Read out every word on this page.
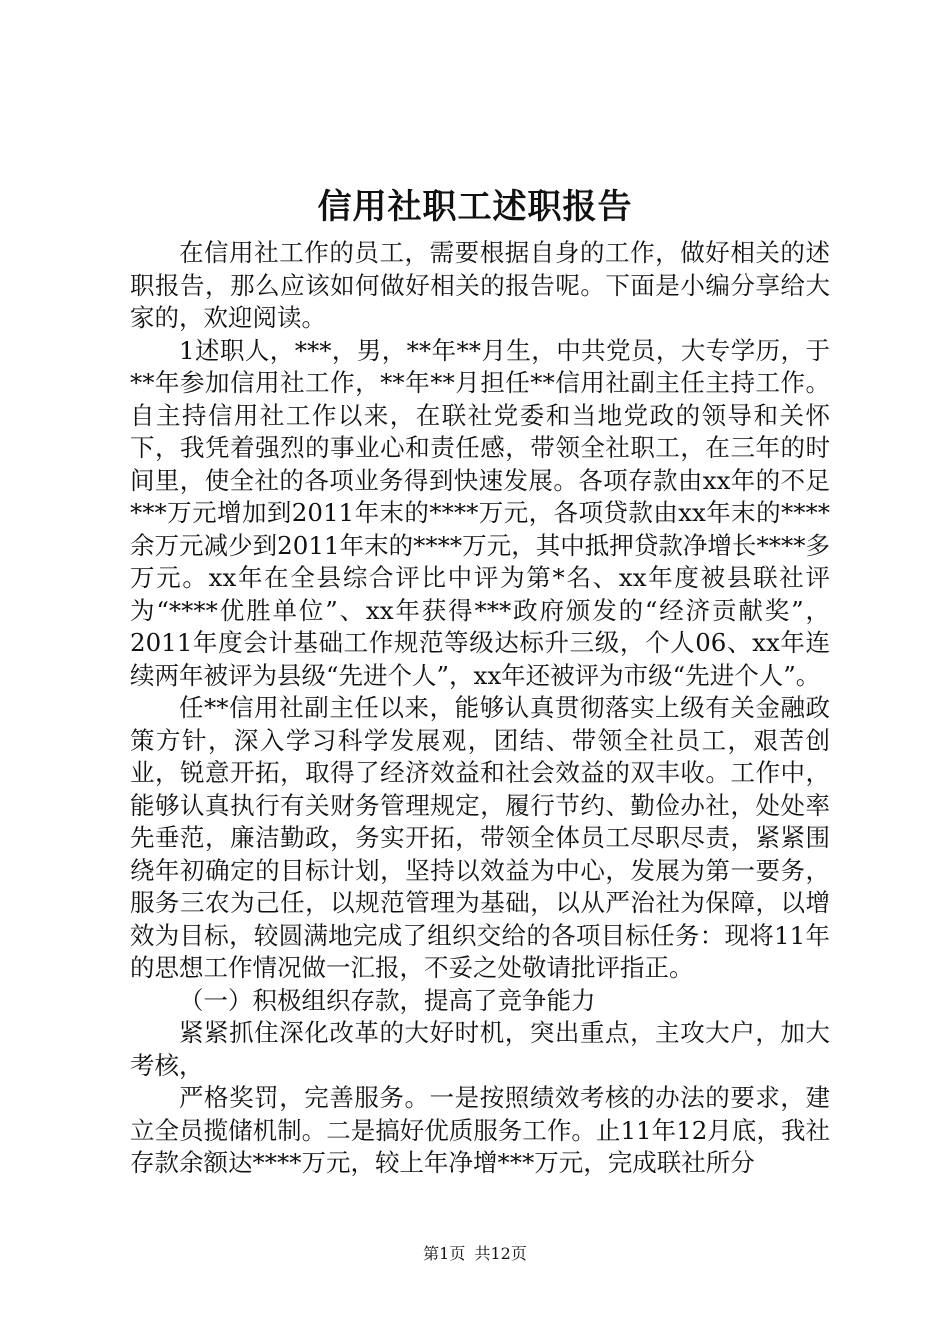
信用社职工述职报告

在信用社工作的员工，需要根据自身的工作，做好相关的述职报告，那么应该如何做好相关的报告呢。下面是小编分享给大家的，欢迎阅读。

1述职人，***，男，**年**月生，中共党员，大专学历，于**年参加信用社工作，**年**月担任**信用社副主任主持工作。自主持信用社工作以来，在联社党委和当地党政的领导和关怀下，我凭着强烈的事业心和责任感，带领全社职工，在三年的时间里，使全社的各项业务得到快速发展。各项存款由xx年的不足***万元增加到2011年末的****万元，各项贷款由xx年末的****余万元减少到2011年末的****万元，其中抵押贷款净增长****多万元。xx年在全县综合评比中评为第*名、xx年度被县联社评为“****优胜单位”、xx年获得***政府颁发的“经济贡献奖”，2011年度会计基础工作规范等级达标升三级，个人06、xx年连续两年被评为县级“先进个人”，xx年还被评为市级“先进个人”。

任**信用社副主任以来，能够认真贯彻落实上级有关金融政策方针，深入学习科学发展观，团结、带领全社员工，艰苦创业，锐意开拓，取得了经济效益和社会效益的双丰收。工作中，能够认真执行有关财务管理规定，履行节约、勤俭办社，处处率先垂范，廉洁勤政，务实开拓，带领全体员工尽职尽责，紧紧围绕年初确定的目标计划，坚持以效益为中心，发展为第一要务，服务三农为己任，以规范管理为基础，以从严治社为保障，以增效为目标，较圆满地完成了组织交给的各项目标任务：现将11年的思想工作情况做一汇报，不妥之处敬请批评指正。

（一）积极组织存款，提高了竞争能力

紧紧抓住深化改革的大好时机，突出重点，主攻大户，加大考核，

严格奖罚，完善服务。一是按照绩效考核的办法的要求，建立全员揽储机制。二是搞好优质服务工作。止11年12月底，我社存款余额达****万元，较上年净增***万元，完成联社所分

第1页 共12页
